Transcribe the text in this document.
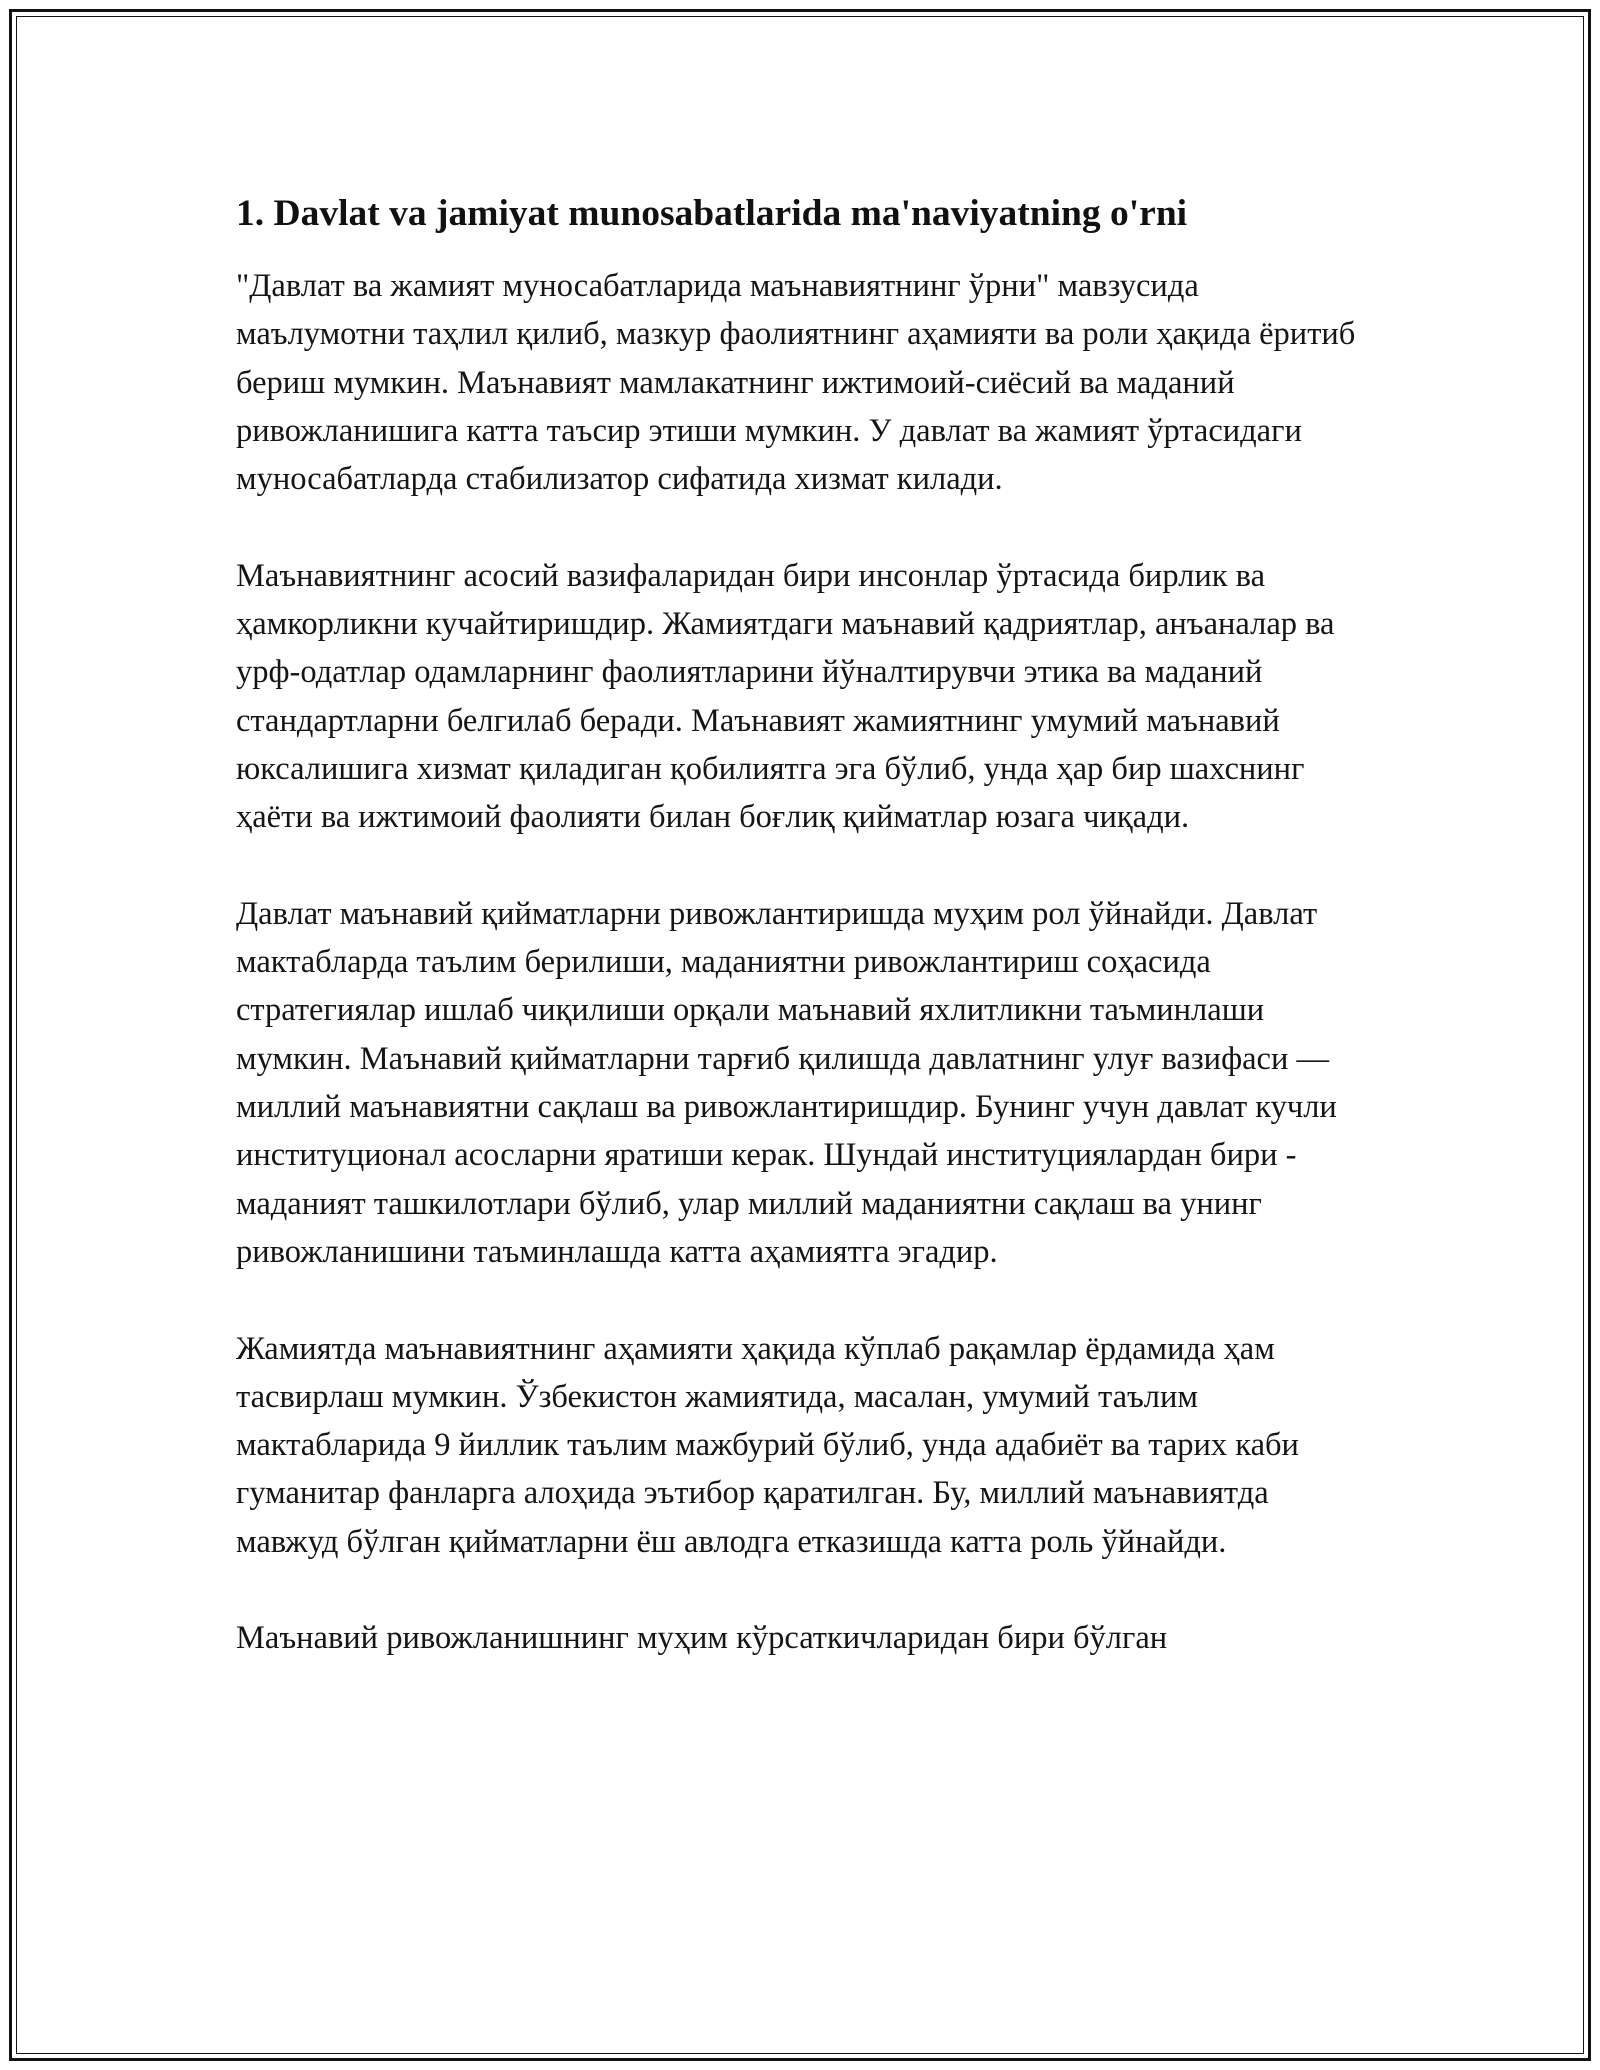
1. Davlat va jamiyat munosabatlarida ma'naviyatning o'rni

"Давлат ва жамият муносабатларида маънавиятнинг ўрни" мавзусида маълумотни таҳлил қилиб, мазкур фаолиятнинг аҳамияти ва роли ҳақида ёритиб бериш мумкин. Маънавият мамлакатнинг ижтимоий-сиёсий ва маданий ривожланишига катта таъсир этиши мумкин. У давлат ва жамият ўртасидаги муносабатларда стабилизатор сифатида хизмат килади.

Маънавиятнинг асосий вазифаларидан бири инсонлар ўртасида бирлик ва ҳамкорликни кучайтиришдир. Жамиятдаги маънавий қадриятлар, анъаналар ва урф-одатлар одамларнинг фаолиятларини йўналтирувчи этика ва маданий стандартларни белгилаб беради. Маънавият жамиятнинг умумий маънавий юксалишига хизмат қиладиган қобилиятга эга бўлиб, унда ҳар бир шахснинг ҳаёти ва ижтимоий фаолияти билан боғлиқ қийматлар юзага чиқади.

Давлат маънавий қийматларни ривожлантиришда муҳим рол ўйнайди. Давлат мактабларда таълим берилиши, маданиятни ривожлантириш соҳасида стратегиялар ишлаб чиқилиши орқали маънавий яхлитликни таъминлаши мумкин. Маънавий қийматларни тарғиб қилишда давлатнинг улуғ вазифаси — миллий маънавиятни сақлаш ва ривожлантиришдир. Бунинг учун давлат кучли институционал асосларни яратиши керак. Шундай институциялардан бири - маданият ташкилотлари бўлиб, улар миллий маданиятни сақлаш ва унинг ривожланишини таъминлашда катта аҳамиятга эгадир.

Жамиятда маънавиятнинг аҳамияти ҳақида кўплаб рақамлар ёрдамида ҳам тасвирлаш мумкин. Ўзбекистон жамиятида, масалан, умумий таълим мактабларида 9 йиллик таълим мажбурий бўлиб, унда адабиёт ва тарих каби гуманитар фанларга алоҳида эътибор қаратилган. Бу, миллий маънавиятда мавжуд бўлган қийматларни ёш авлодга етказишда катта роль ўйнайди.

Маънавий ривожланишнинг муҳим кўрсаткичларидан бири бўлган
